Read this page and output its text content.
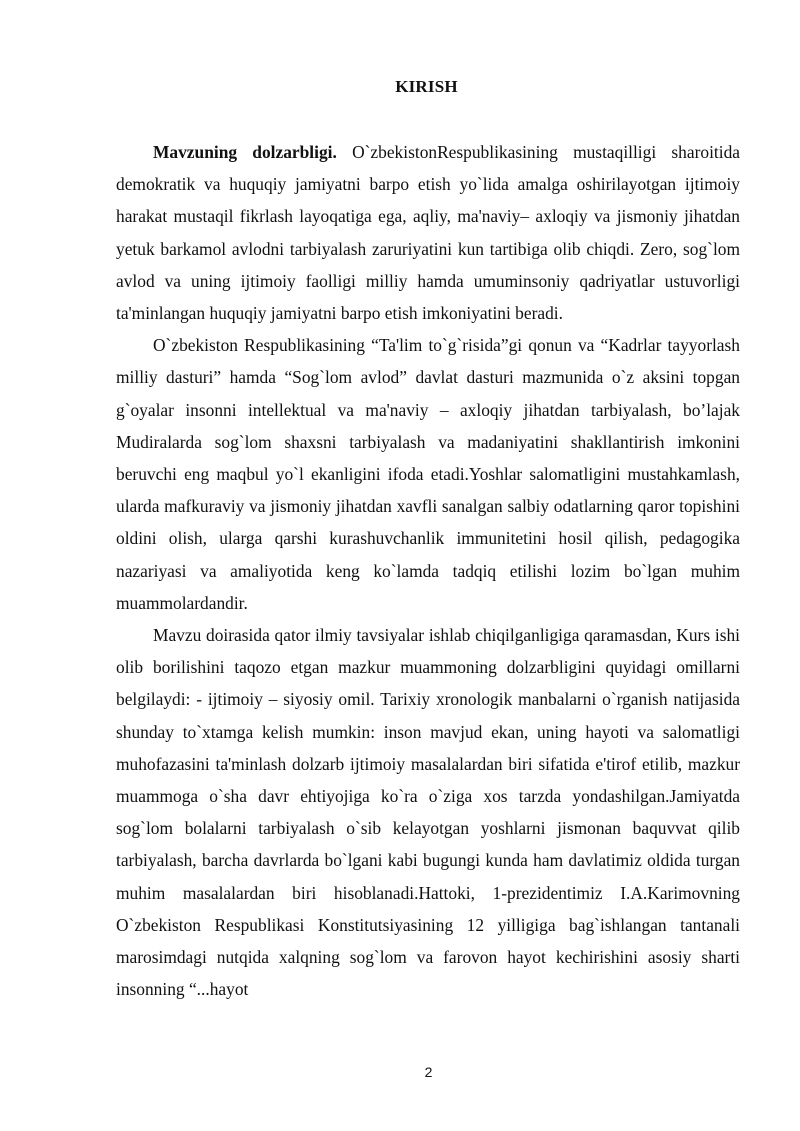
KIRISH

Mavzuning dolzarbligi. O`zbekistonRespublikasining mustaqilligi sharoitida demokratik va huquqiy jamiyatni barpo etish yo`lida amalga oshirilayotgan ijtimoiy harakat mustaqil fikrlash layoqatiga ega, aqliy, ma'naviy– axloqiy va jismoniy jihatdan yetuk barkamol avlodni tarbiyalash zaruriyatini kun tartibiga olib chiqdi. Zero, sog`lom avlod va uning ijtimoiy faolligi milliy hamda umuminsoniy qadriyatlar ustuvorligi ta'minlangan huquqiy jamiyatni barpo etish imkoniyatini beradi.

O`zbekiston Respublikasining “Ta'lim to`g`risida”gi qonun va “Kadrlar tayyorlash milliy dasturi” hamda “Sog`lom avlod” davlat dasturi mazmunida o`z aksini topgan g`oyalar insonni intellektual va ma'naviy – axloqiy jihatdan tarbiyalash, bo’lajak Mudiralarda sog`lom shaxsni tarbiyalash va madaniyatini shakllantirish imkonini beruvchi eng maqbul yo`l ekanligini ifoda etadi.Yoshlar salomatligini mustahkamlash, ularda mafkuraviy va jismoniy jihatdan xavfli sanalgan salbiy odatlarning qaror topishini oldini olish, ularga qarshi kurashuvchanlik immunitetini hosil qilish, pedagogika nazariyasi va amaliyotida keng ko`lamda tadqiq etilishi lozim bo`lgan muhim muammolardandir.

Mavzu doirasida qator ilmiy tavsiyalar ishlab chiqilganligiga qaramasdan, Kurs ishi olib borilishini taqozo etgan mazkur muammoning dolzarbligini quyidagi omillarni belgilaydi: - ijtimoiy – siyosiy omil. Tarixiy xronologik manbalarni o`rganish natijasida shunday to`xtamga kelish mumkin: inson mavjud ekan, uning hayoti va salomatligi muhofazasini ta'minlash dolzarb ijtimoiy masalalardan biri sifatida e'tirof etilib, mazkur muammoga o`sha davr ehtiyojiga ko`ra o`ziga xos tarzda yondashilgan.Jamiyatda sog`lom bolalarni tarbiyalash o`sib kelayotgan yoshlarni jismonan baquvvat qilib tarbiyalash, barcha davrlarda bo`lgani kabi bugungi kunda ham davlatimiz oldida turgan muhim masalalardan biri hisoblanadi.Hattoki, 1-prezidentimiz I.A.Karimovning O`zbekiston Respublikasi Konstitutsiyasining 12 yilligiga bag`ishlangan tantanali marosimdagi nutqida xalqning sog`lom va farovon hayot kechirishini asosiy sharti insonning “...hayot

2
